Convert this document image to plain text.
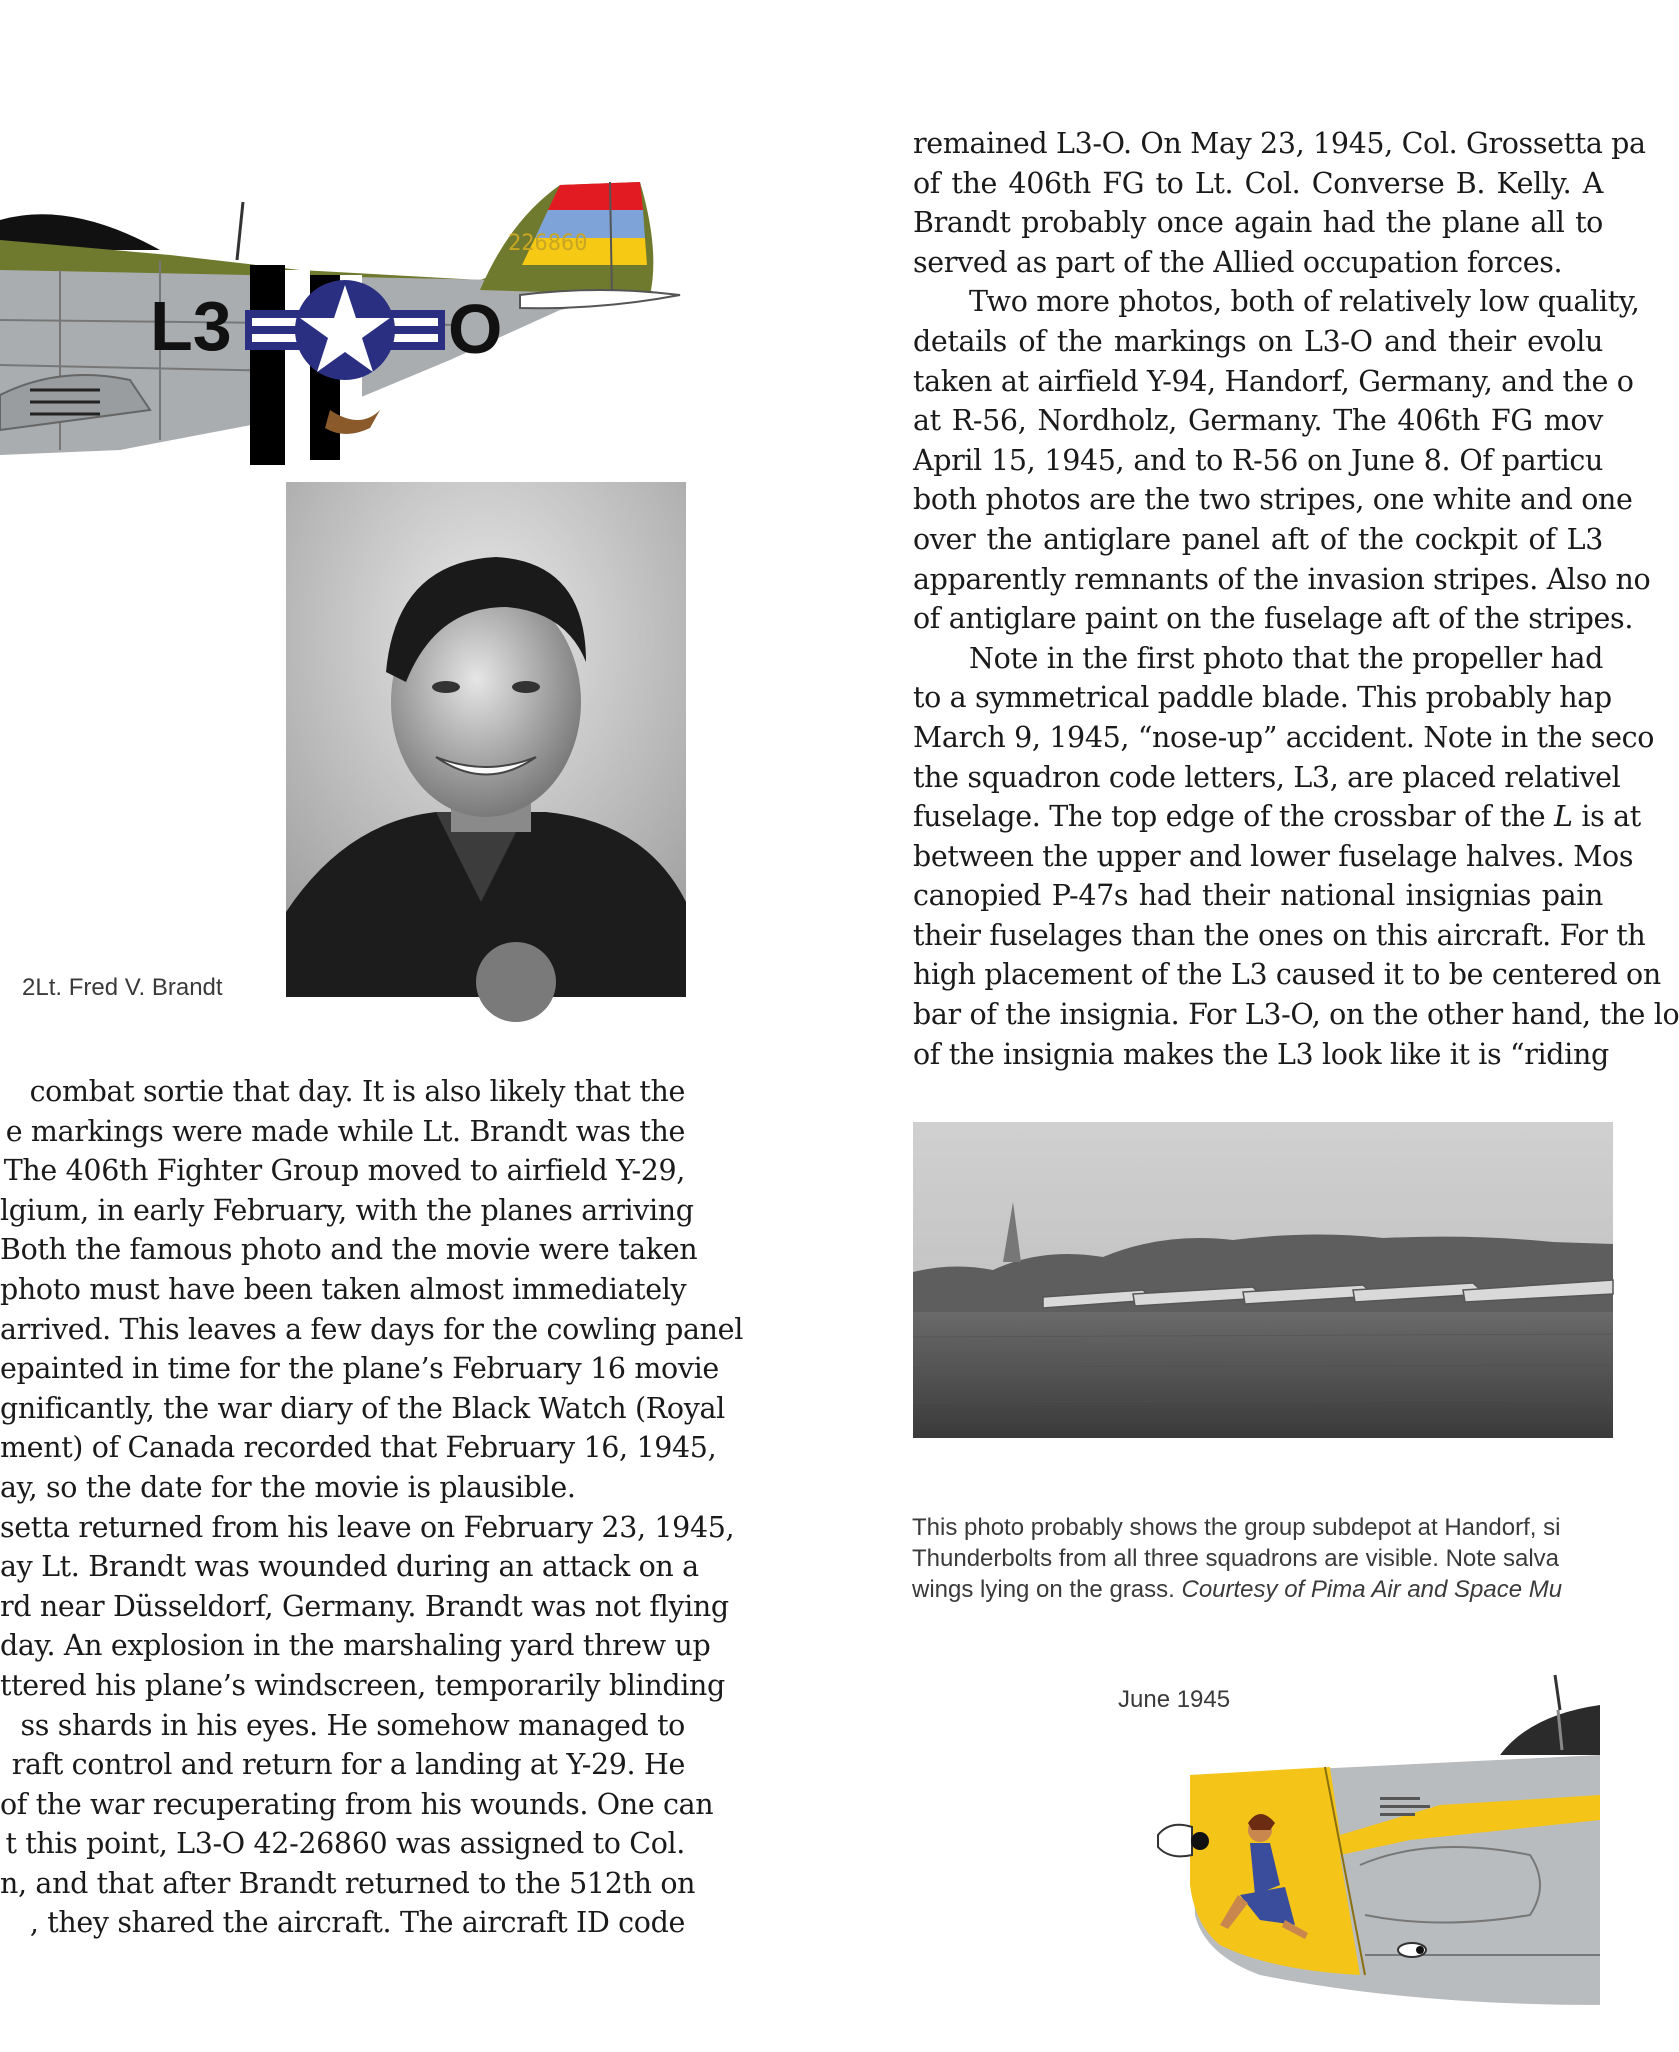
226860
L3	O
2Lt. Fred V. Brandt

combat sortie that day. It is also likely that the

e markings were made while Lt. Brandt was the

The 406th Fighter Group moved to airfield Y-29,

lgium, in early February, with the planes arriving

Both the famous photo and the movie were taken

photo must have been taken almost immediately

arrived. This leaves a few days for the cowling panel

epainted in time for the plane’s February 16 movie

gnificantly, the war diary of the Black Watch (Royal

ment) of Canada recorded that February 16, 1945,

ay, so the date for the movie is plausible.

setta returned from his leave on February 23, 1945,

ay Lt. Brandt was wounded during an attack on a

rd near Düsseldorf, Germany. Brandt was not flying

day. An explosion in the marshaling yard threw up

ttered his plane’s windscreen, temporarily blinding

ss shards in his eyes. He somehow managed to

raft control and return for a landing at Y-29. He

of the war recuperating from his wounds. One can

t this point, L3-O 42-26860 was assigned to Col.

n, and that after Brandt returned to the 512th on

, they shared the aircraft. The aircraft ID code

remained L3-O. On May 23, 1945, Col. Grossetta pa

of the 406th FG to Lt. Col. Converse B. Kelly. A

Brandt probably once again had the plane all to

served as part of the Allied occupation forces.

Two more photos, both of relatively low quality,

details of the markings on L3-O and their evolu

taken at airfield Y-94, Handorf, Germany, and the o

at R-56, Nordholz, Germany. The 406th FG mov

April 15, 1945, and to R-56 on June 8. Of particu

both photos are the two stripes, one white and one

over the antiglare panel aft of the cockpit of L3

apparently remnants of the invasion stripes. Also no

of antiglare paint on the fuselage aft of the stripes.

Note in the first photo that the propeller had

to a symmetrical paddle blade. This probably hap

March 9, 1945, “nose-up” accident. Note in the seco

the squadron code letters, L3, are placed relativel

fuselage. The top edge of the crossbar of the L is at

between the upper and lower fuselage halves. Mos

canopied P-47s had their national insignias pain

their fuselages than the ones on this aircraft. For th

high placement of the L3 caused it to be centered on

bar of the insignia. For L3-O, on the other hand, the lo

of the insignia makes the L3 look like it is “riding

This photo probably shows the group subdepot at Handorf, si
Thunderbolts from all three squadrons are visible. Note salva
wings lying on the grass. Courtesy of Pima Air and Space Mu
June 1945
